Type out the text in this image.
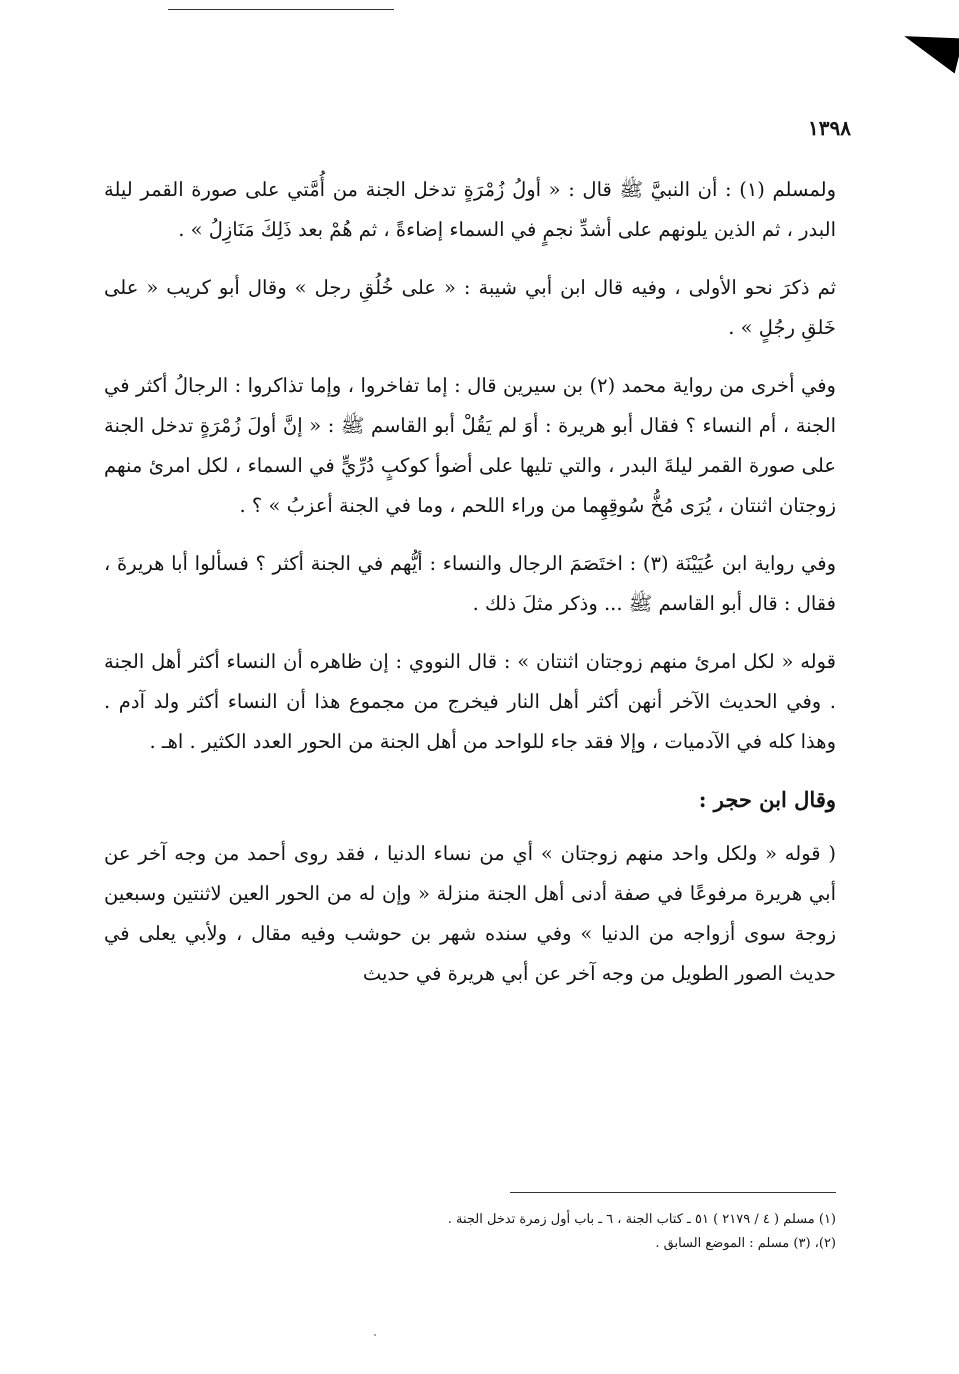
١٣٩٨

ولمسلم (١) : أن النبيَّ ﷺ قال : « أولُ زُمْرَةٍ تدخل الجنة من أُمَّتي على صورة القمر ليلة البدر ، ثم الذين يلونهم على أشدِّ نجمٍ في السماء إضاءةً ، ثم هُمْ بعد ذَلِكَ مَنَازِلُ » .

ثم ذكرَ نحو الأولى ، وفيه قال ابن أبي شيبة : « على خُلُقِ رجل » وقال أبو كريب « على خَلقِ رجُلٍ » .

وفي أخرى من رواية محمد (٢) بن سيرين قال : إما تفاخروا ، وإما تذاكروا : الرجالُ أكثر في الجنة ، أم النساء ؟ فقال أبو هريرة : أوَ لم يَقُلْ أبو القاسم ﷺ : « إنَّ أولَ زُمْرَةٍ تدخل الجنة على صورة القمر ليلةَ البدر ، والتي تليها على أضوأ كوكبٍ دُرِّيٍّ في السماء ، لكل امرئ منهم زوجتان اثنتان ، يُرَى مُخُّ سُوقِهِما من وراء اللحم ، وما في الجنة أعزبُ » ؟ .

وفي رواية ابن عُيَيْنَة (٣) : اختَصَمَ الرجال والنساء : أيُّهم في الجنة أكثر ؟ فسألوا أبا هريرةَ ، فقال : قال أبو القاسم ﷺ ... وذكر مثلَ ذلك .

قوله « لكل امرئ منهم زوجتان اثنتان » : قال النووي : إن ظاهره أن النساء أكثر أهل الجنة . وفي الحديث الآخر أنهن أكثر أهل النار فيخرج من مجموع هذا أن النساء أكثر ولد آدم . وهذا كله في الآدميات ، وإلا فقد جاء للواحد من أهل الجنة من الحور العدد الكثير . اهـ .

وقال ابن حجر :

( قوله « ولكل واحد منهم زوجتان » أي من نساء الدنيا ، فقد روى أحمد من وجه آخر عن أبي هريرة مرفوعًا في صفة أدنى أهل الجنة منزلة « وإن له من الحور العين لاثنتين وسبعين زوجة سوى أزواجه من الدنيا » وفي سنده شهر بن حوشب وفيه مقال ، ولأبي يعلى في حديث الصور الطويل من وجه آخر عن أبي هريرة في حديث

(١) مسلم ( ٤ / ٢١٧٩ ) ٥١ ـ كتاب الجنة ، ٦ ـ باب أول زمرة تدخل الجنة .

(٢)، (٣) مسلم : الموضع السابق .
